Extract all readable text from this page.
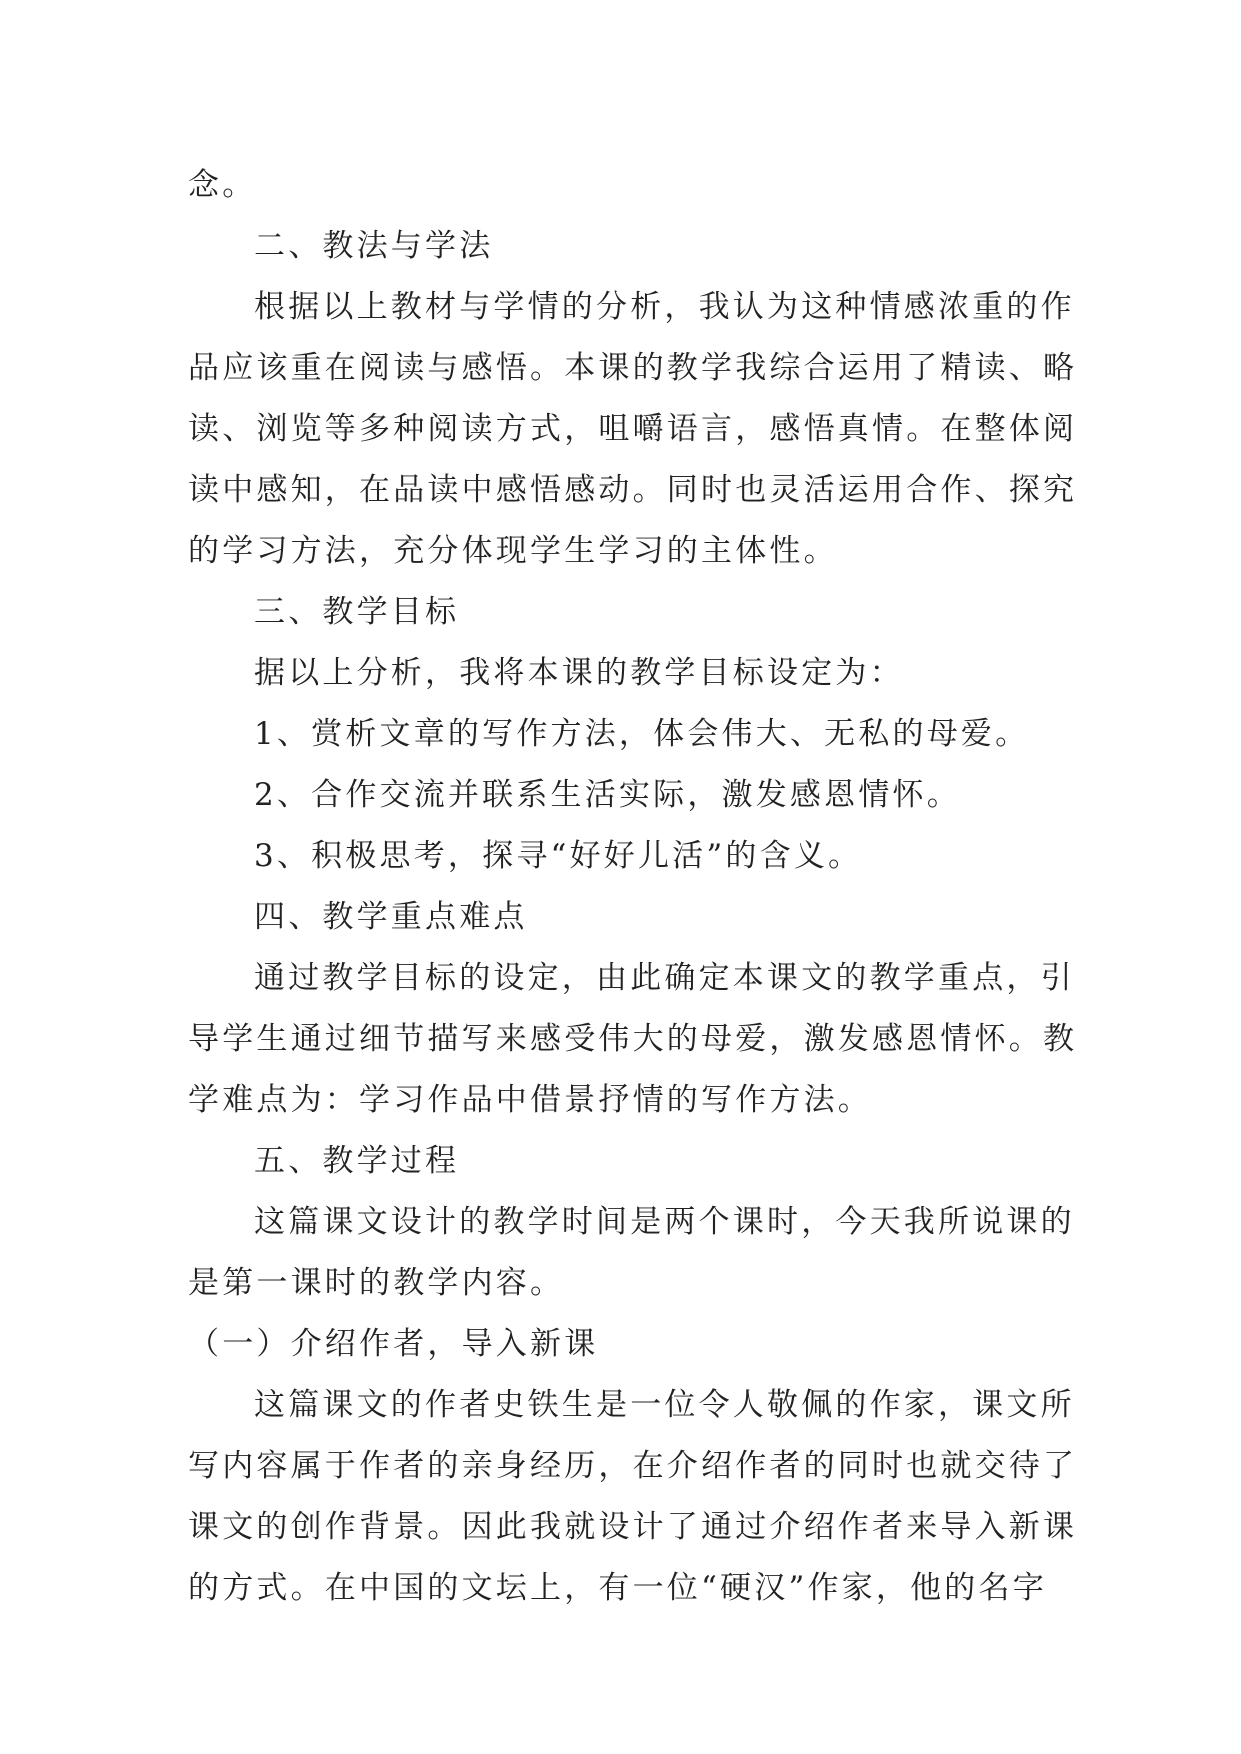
念。
二、教法与学法
根据以上教材与学情的分析，我认为这种情感浓重的作
品应该重在阅读与感悟。本课的教学我综合运用了精读、略
读、浏览等多种阅读方式，咀嚼语言，感悟真情。在整体阅
读中感知，在品读中感悟感动。同时也灵活运用合作、探究
的学习方法，充分体现学生学习的主体性。
三、教学目标
据以上分析，我将本课的教学目标设定为：
1、赏析文章的写作方法，体会伟大、无私的母爱。
2、合作交流并联系生活实际，激发感恩情怀。
3、积极思考，探寻“好好儿活”的含义。
四、教学重点难点
通过教学目标的设定，由此确定本课文的教学重点，引
导学生通过细节描写来感受伟大的母爱，激发感恩情怀。教
学难点为：学习作品中借景抒情的写作方法。
五、教学过程
这篇课文设计的教学时间是两个课时，今天我所说课的
是第一课时的教学内容。
（一）介绍作者，导入新课
这篇课文的作者史铁生是一位令人敬佩的作家，课文所
写内容属于作者的亲身经历，在介绍作者的同时也就交待了
课文的创作背景。因此我就设计了通过介绍作者来导入新课
的方式。在中国的文坛上，有一位“硬汉”作家，他的名字
